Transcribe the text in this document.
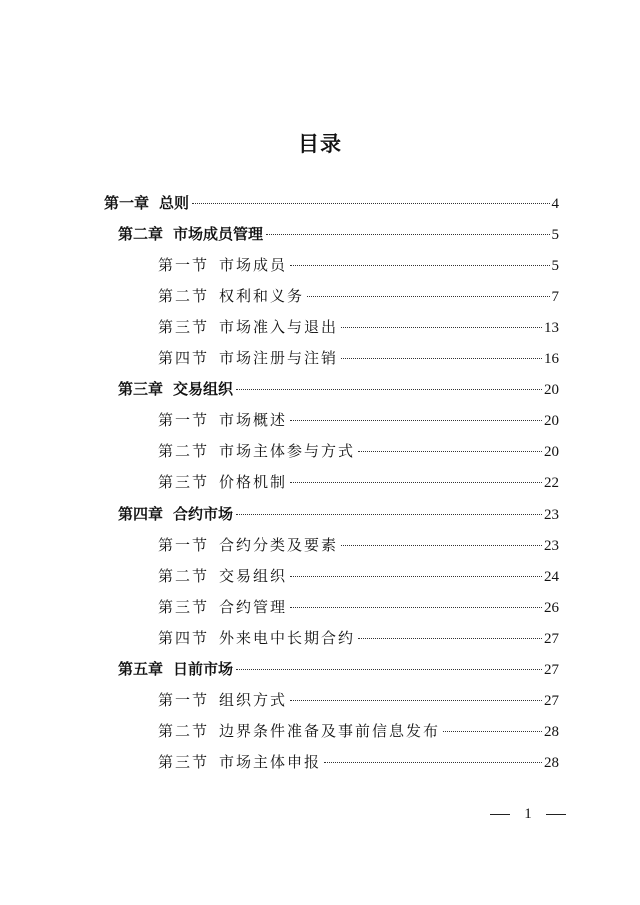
目录
第一章 总则	4
第二章 市场成员管理	5
第一节 市场成员	5
第二节 权利和义务	7
第三节 市场准入与退出	13
第四节 市场注册与注销	16
第三章 交易组织	20
第一节 市场概述	20
第二节 市场主体参与方式	20
第三节 价格机制	22
第四章 合约市场	23
第一节 合约分类及要素	23
第二节 交易组织	24
第三节 合约管理	26
第四节 外来电中长期合约	27
第五章 日前市场	27
第一节 组织方式	27
第二节 边界条件准备及事前信息发布	28
第三节 市场主体申报	28
1
